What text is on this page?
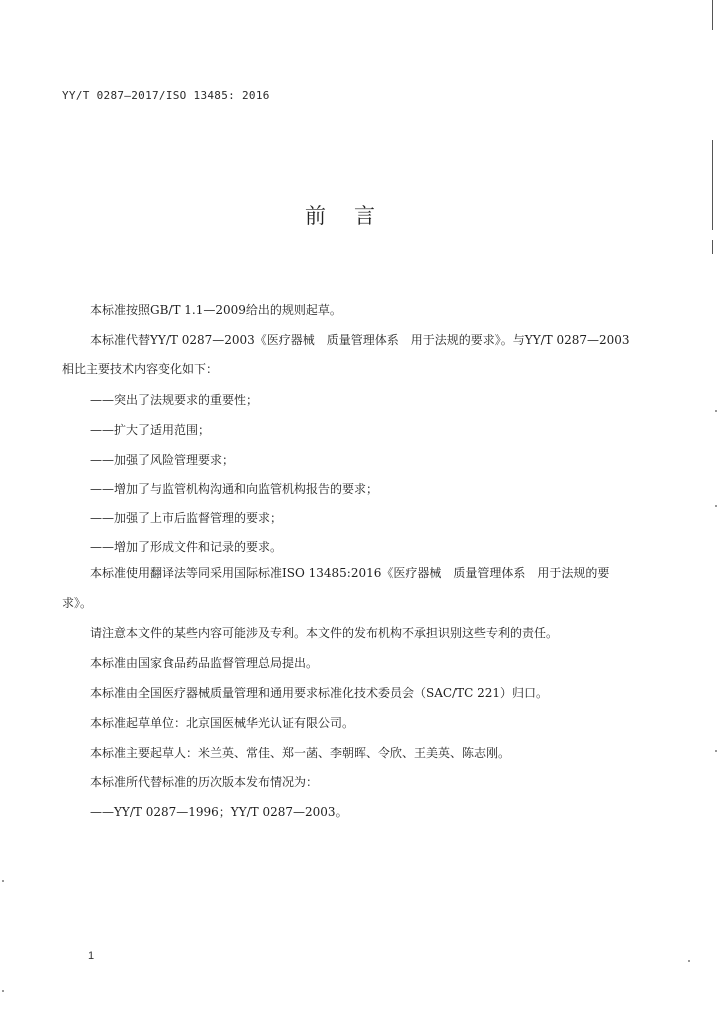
YY/T 0287—2017/ISO 13485: 2016
前言
本标准按照GB/T 1.1—2009给出的规则起草。
本标准代替YY/T 0287—2003《医疗器械　质量管理体系　用于法规的要求》。与YY/T 0287—2003
相比主要技术内容变化如下：
——突出了法规要求的重要性；
——扩大了适用范围；
——加强了风险管理要求；
——增加了与监管机构沟通和向监管机构报告的要求；
——加强了上市后监督管理的要求；
——增加了形成文件和记录的要求。
本标准使用翻译法等同采用国际标准ISO 13485:2016《医疗器械　质量管理体系　用于法规的要
求》。
请注意本文件的某些内容可能涉及专利。本文件的发布机构不承担识别这些专利的责任。
本标准由国家食品药品监督管理总局提出。
本标准由全国医疗器械质量管理和通用要求标准化技术委员会（SAC/TC 221）归口。
本标准起草单位：北京国医械华光认证有限公司。
本标准主要起草人：米兰英、常佳、郑一菡、李朝晖、令欣、王美英、陈志刚。
本标准所代替标准的历次版本发布情况为：
——YY/T 0287—1996；YY/T 0287—2003。
1
